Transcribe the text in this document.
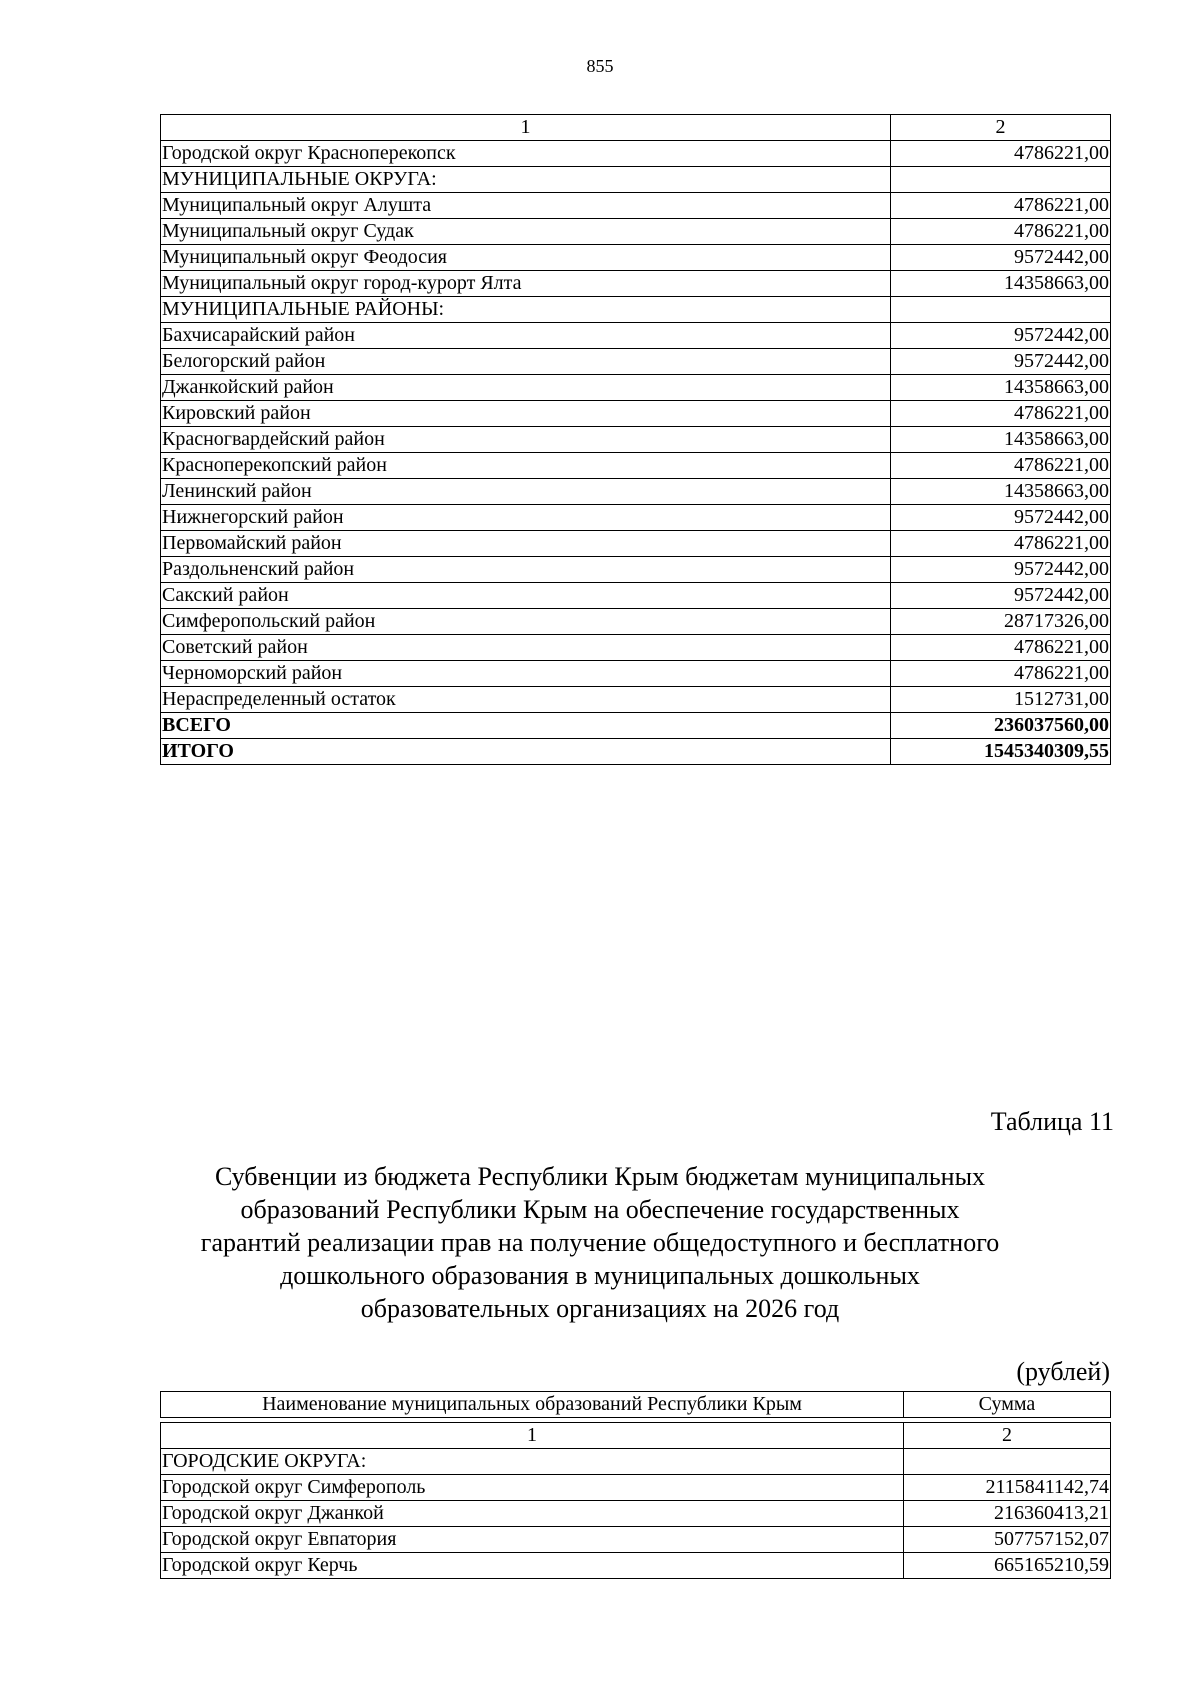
855
1	2
Городской округ Красноперекопск	4786221,00
МУНИЦИПАЛЬНЫЕ ОКРУГА:	
Муниципальный округ Алушта	4786221,00
Муниципальный округ Судак	4786221,00
Муниципальный округ Феодосия	9572442,00
Муниципальный округ город-курорт Ялта	14358663,00
МУНИЦИПАЛЬНЫЕ РАЙОНЫ:	
Бахчисарайский район	9572442,00
Белогорский район	9572442,00
Джанкойский район	14358663,00
Кировский район	4786221,00
Красногвардейский район	14358663,00
Красноперекопский район	4786221,00
Ленинский район	14358663,00
Нижнегорский район	9572442,00
Первомайский район	4786221,00
Раздольненский район	9572442,00
Сакский район	9572442,00
Симферопольский район	28717326,00
Советский район	4786221,00
Черноморский район	4786221,00
Нераспределенный остаток	1512731,00
ВСЕГО	236037560,00
ИТОГО	1545340309,55
Таблица 11
Субвенции из бюджета Республики Крым бюджетам муниципальных
образований Республики Крым на обеспечение государственных
гарантий реализации прав на получение общедоступного и бесплатного
дошкольного образования в муниципальных дошкольных
образовательных организациях на 2026 год
(рублей)
Наименование муниципальных образований Республики Крым	Сумма

1	2
ГОРОДСКИЕ ОКРУГА:	
Городской округ Симферополь	2115841142,74
Городской округ Джанкой	216360413,21
Городской округ Евпатория	507757152,07
Городской округ Керчь	665165210,59
